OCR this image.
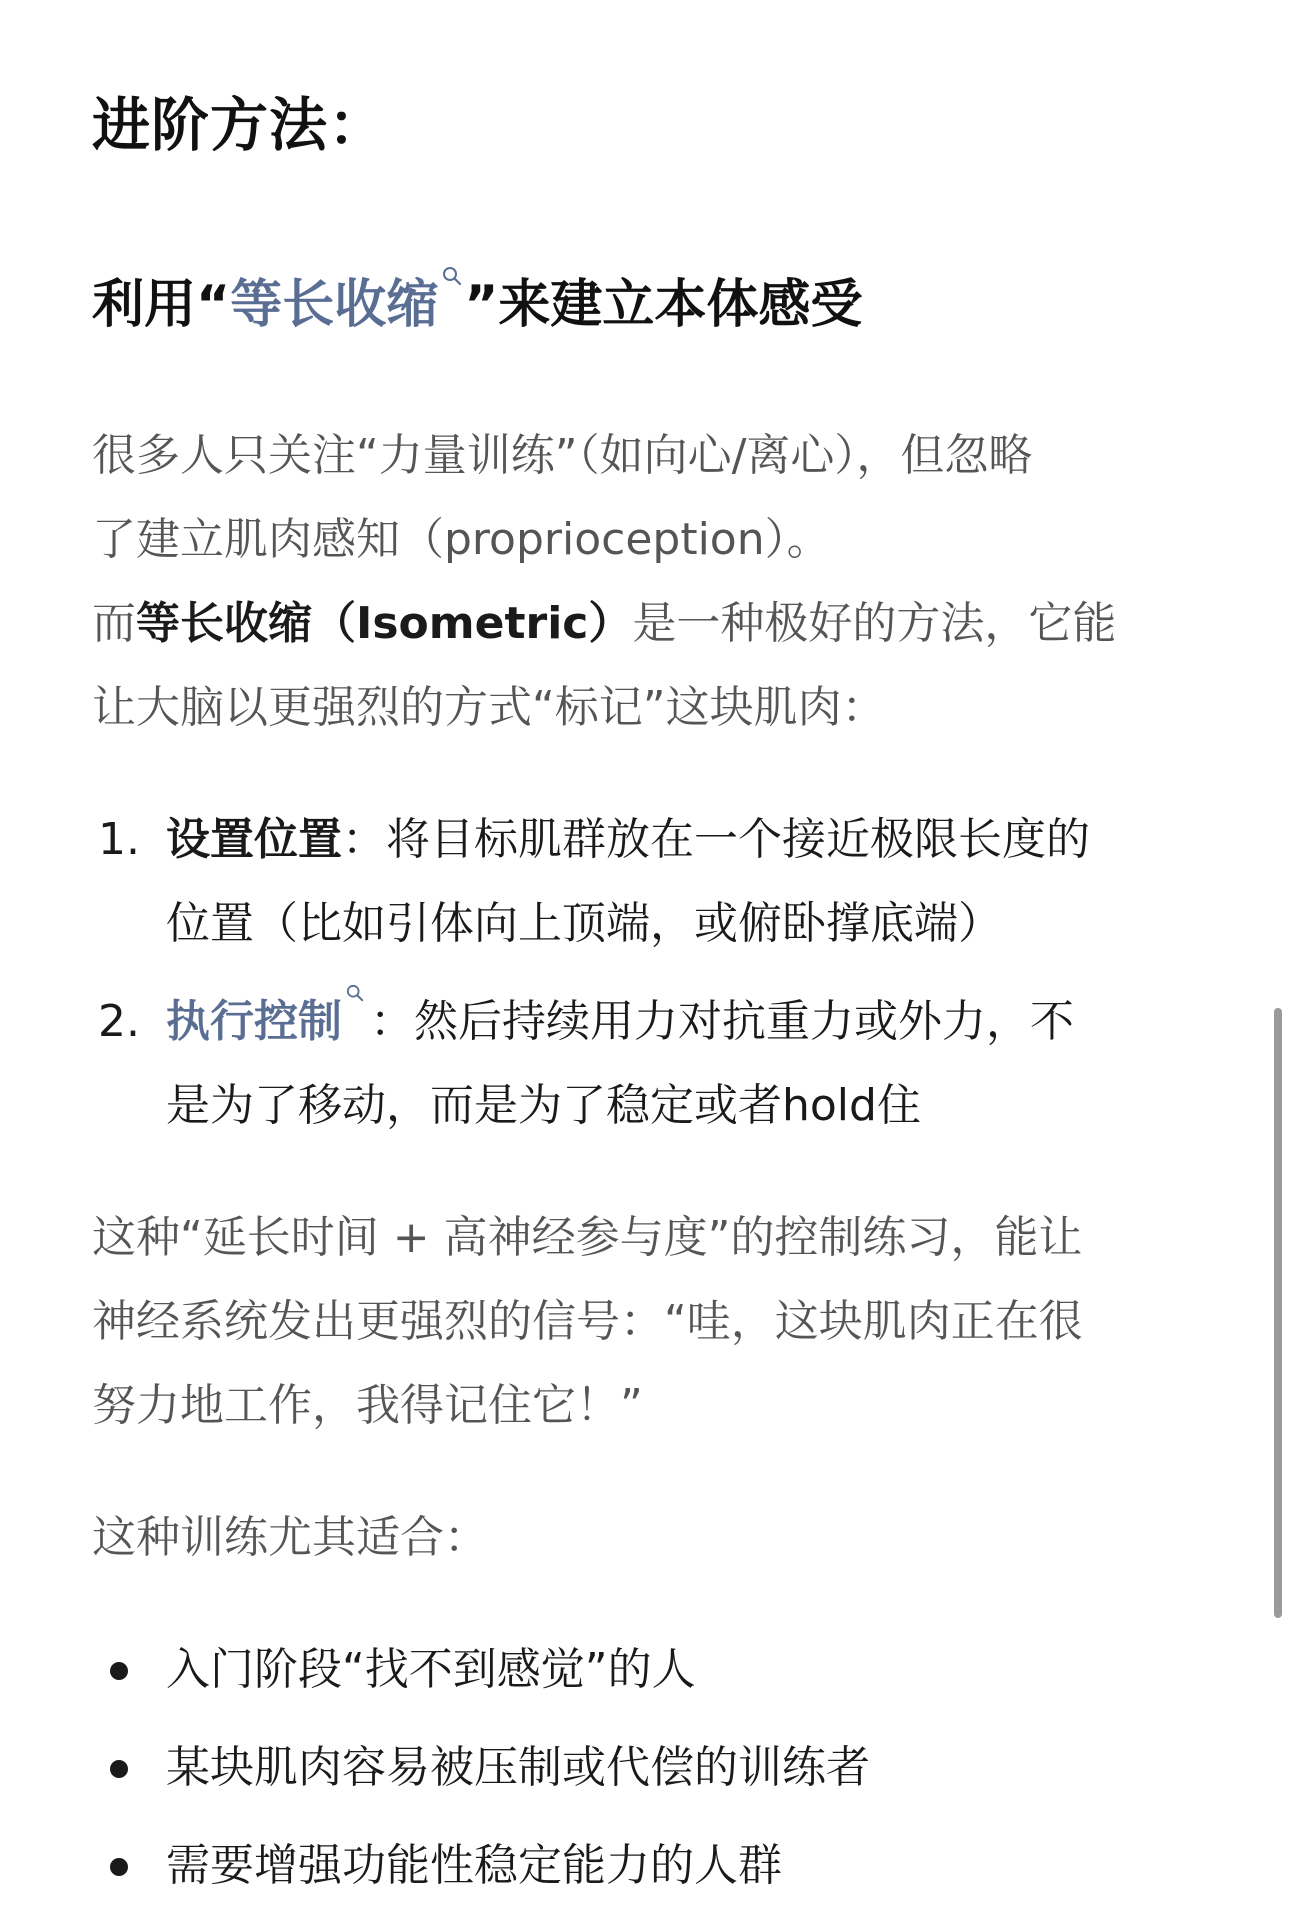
进阶方法：
利用“等长收缩 ”来建立本体感受
很多人只关注“力量训练”（如向心/离心），但忽略
了建立肌肉感知（proprioception）。
而等长收缩（Isometric）是一种极好的方法，它能
让大脑以更强烈的方式“标记”这块肌肉：
1. 设置位置：将目标肌群放在一个接近极限长度的
位置（比如引体向上顶端，或俯卧撑底端）
2. 执行控制 ：然后持续用力对抗重力或外力，不
是为了移动，而是为了稳定或者hold住
这种“延长时间 + 高神经参与度”的控制练习，能让
神经系统发出更强烈的信号：“哇，这块肌肉正在很
努力地工作，我得记住它！”
这种训练尤其适合：
入门阶段“找不到感觉”的人
某块肌肉容易被压制或代偿的训练者
需要增强功能性稳定能力的人群
